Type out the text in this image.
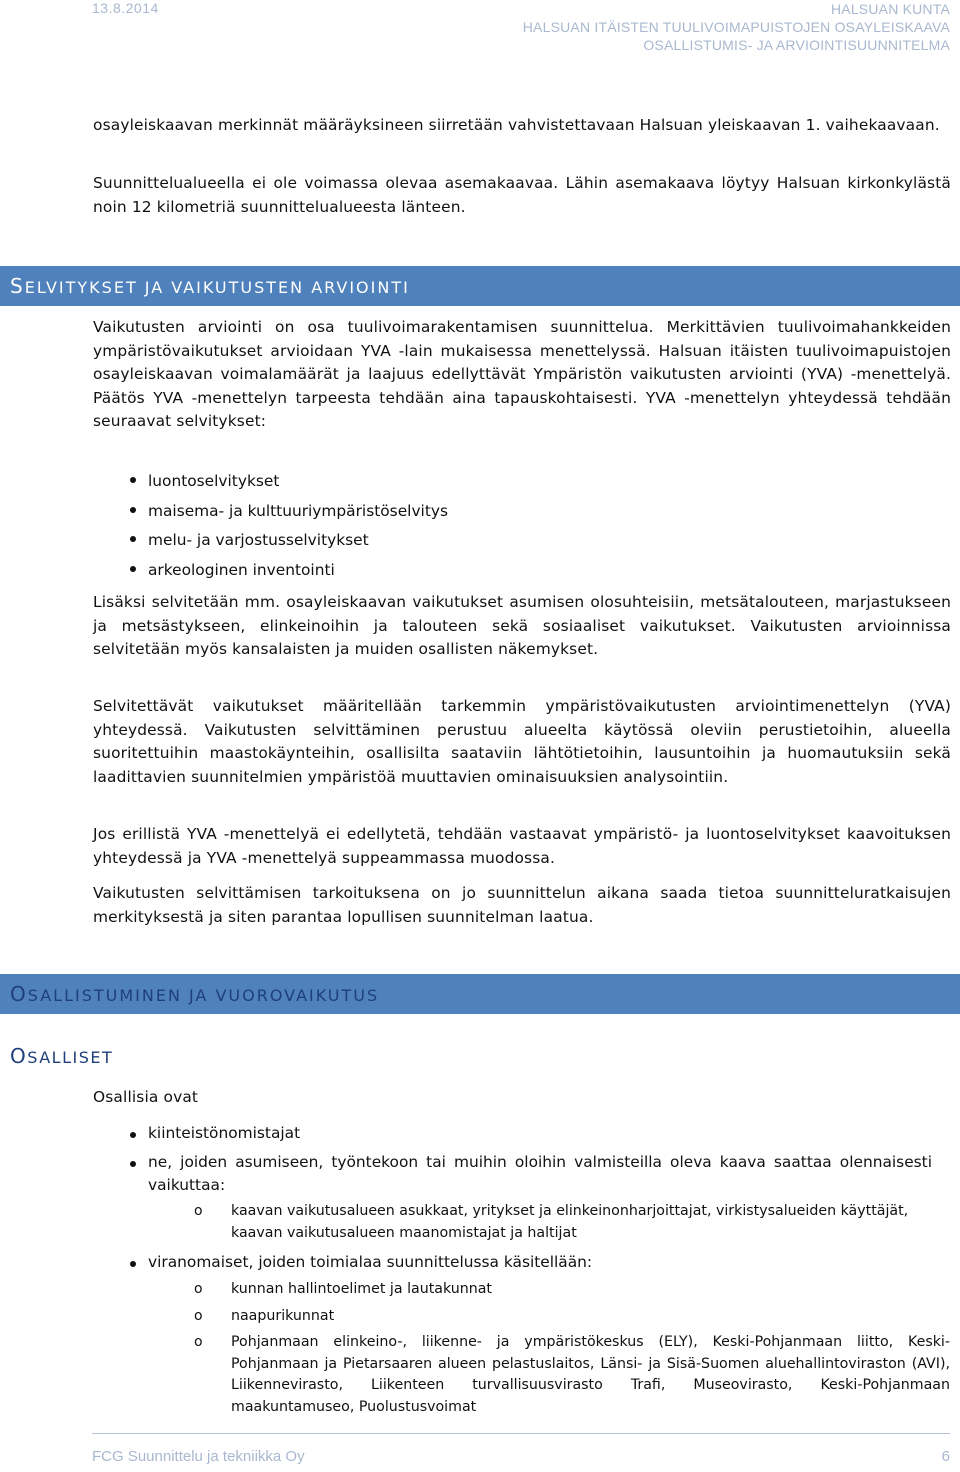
13.8.2014	HALSUAN KUNTA
HALSUAN ITÄISTEN TUULIVOIMAPUISTOJEN OSAYLEISKAAVA
OSALLISTUMIS- JA ARVIOINTISUUNNITELMA

osayleiskaavan merkinnät määräyksineen siirretään vahvistettavaan Halsuan yleiskaavan 1. vaihekaavaan.

Suunnittelualueella ei ole voimassa olevaa asemakaavaa. Lähin asemakaava löytyy Halsuan kirkonkylästä noin 12 kilometriä suunnittelualueesta länteen.

SELVITYKSET JA VAIKUTUSTEN ARVIOINTI

Vaikutusten arviointi on osa tuulivoimarakentamisen suunnittelua. Merkittävien tuulivoimahankkeiden ympäristövaikutukset arvioidaan YVA -lain mukaisessa menettelyssä. Halsuan itäisten tuulivoimapuistojen osayleiskaavan voimalamäärät ja laajuus edellyttävät Ympäristön vaikutusten arviointi (YVA) -menettelyä. Päätös YVA -menettelyn tarpeesta tehdään aina tapauskohtaisesti. YVA -menettelyn yhteydessä tehdään seuraavat selvitykset:

luontoselvitykset
maisema- ja kulttuuriympäristöselvitys
melu- ja varjostusselvitykset
arkeologinen inventointi

Lisäksi selvitetään mm. osayleiskaavan vaikutukset asumisen olosuhteisiin, metsätalouteen, marjastukseen ja metsästykseen, elinkeinoihin ja talouteen sekä sosiaaliset vaikutukset. Vaikutusten arvioinnissa selvitetään myös kansalaisten ja muiden osallisten näkemykset.

Selvitettävät vaikutukset määritellään tarkemmin ympäristövaikutusten arviointimenettelyn (YVA) yhteydessä. Vaikutusten selvittäminen perustuu alueelta käytössä oleviin perustietoihin, alueella suoritettuihin maastokäynteihin, osallisilta saataviin lähtötietoihin, lausuntoihin ja huomautuksiin sekä laadittavien suunnitelmien ympäristöä muuttavien ominaisuuksien analysointiin.

Jos erillistä YVA -menettelyä ei edellytetä, tehdään vastaavat ympäristö- ja luontoselvitykset kaavoituksen yhteydessä ja YVA -menettelyä suppeammassa muodossa.

Vaikutusten selvittämisen tarkoituksena on jo suunnittelun aikana saada tietoa suunnitteluratkaisujen merkityksestä ja siten parantaa lopullisen suunnitelman laatua.

OSALLISTUMINEN JA VUOROVAIKUTUS
OSALLISET

Osallisia ovat

kiinteistönomistajat
ne, joiden asumiseen, työntekoon tai muihin oloihin valmisteilla oleva kaava saattaa olennaisesti vaikuttaa:
o kaavan vaikutusalueen asukkaat, yritykset ja elinkeinonharjoittajat, virkistysalueiden käyttäjät, kaavan vaikutusalueen maanomistajat ja haltijat
viranomaiset, joiden toimialaa suunnittelussa käsitellään:
o kunnan hallintoelimet ja lautakunnat
o naapurikunnat
o Pohjanmaan elinkeino-, liikenne- ja ympäristökeskus (ELY), Keski-Pohjanmaan liitto, Keski-Pohjanmaan ja Pietarsaaren alueen pelastuslaitos, Länsi- ja Sisä-Suomen aluehallintoviraston (AVI), Liikennevirasto, Liikenteen turvallisuusvirasto Trafi, Museovirasto, Keski-Pohjanmaan maakuntamuseo, Puolustusvoimat
FCG Suunnittelu ja tekniikka Oy	6
